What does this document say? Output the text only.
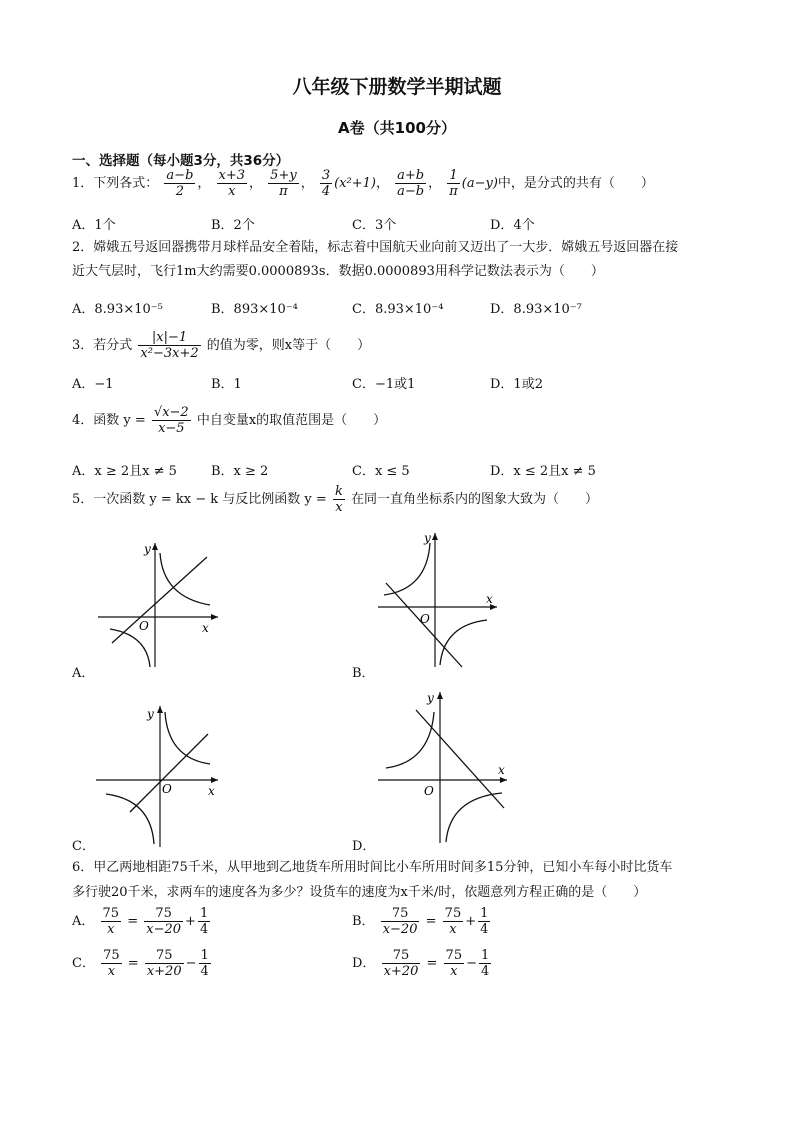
八年级下册数学半期试题
A卷（共100分）
一、选择题（每小题3分，共36分）
1．下列各式： $\frac{a-b}{2}$ ， $\frac{x+3}{x}$ ， $\frac{5+y}{\pi}$ ， $\frac{3}{4} (x^2+1)$， $\frac{a+b}{a-b}$ ， $\frac{1}{\pi} (a-y)$中，是分式的共有（　　）
A．1个	B．2个	C．3个	D．4个
2．嫦娥五号返回器携带月球样品安全着陆，标志着中国航天业向前又迈出了一大步．嫦娥五号返回器在接
近大气层时，飞行1m大约需要0.0000893s．数据0.0000893用科学记数法表示为（　　）
A．8.93×10⁻⁵	B．893×10⁻⁴	C．8.93×10⁻⁴	D．8.93×10⁻⁷
3．若分式 $\frac{|x|-1}{\text{x²−3x+2}}$ 的值为零，则x等于（　　）
A．−1	B．1	C．−1或1	D．1或2
4．函数 $y = \frac{√x-2}{x-5}$ 中自变量x的取值范围是（　　）
A．x ≥ 2且x ≠ 5	B．x ≥ 2	C．x ≤ 5	D．x ≤ 2且x ≠ 5
5．一次函数 y = kx − k 与反比例函数 $y = \frac{k}{x}$ 在同一直角坐标系内的图象大致为（　　）
y
x
O
A．
y
x
O
B．
y
x
O
C．
y
x
O
D．
6．甲乙两地相距75千米，从甲地到乙地货车所用时间比小车所用时间多15分钟，已知小车每小时比货车
多行驶20千米，求两车的速度各为多少？设货车的速度为x千米/时，依题意列方程正确的是（　　）
A． $\frac{75}{x} = \frac{75}{x-20} + \frac{1}{4}$	B． $\frac{75}{x-20} = \frac{75}{x} + \frac{1}{4}$
C． $\frac{75}{x} = \frac{75}{x+20} - \frac{1}{4}$	D． $\frac{75}{x+20} = \frac{75}{x} - \frac{1}{4}$
